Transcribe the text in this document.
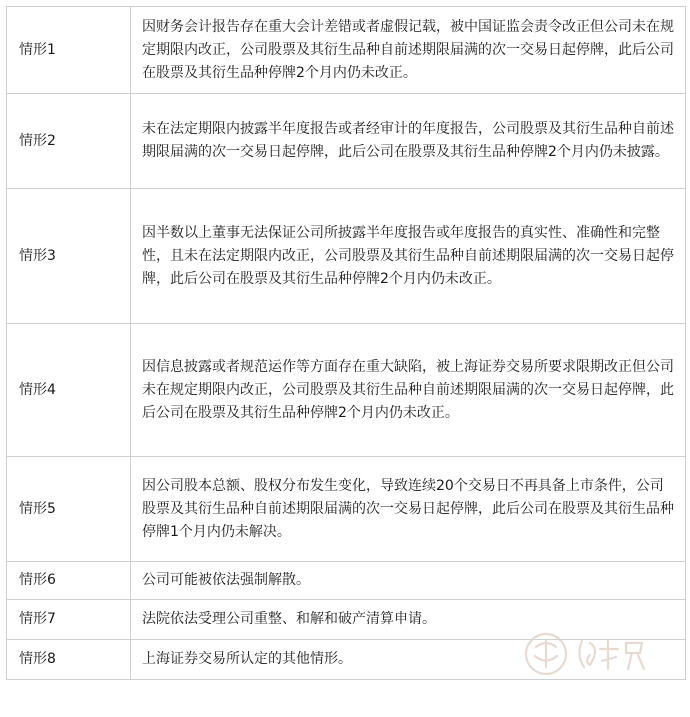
情形1	因财务会计报告存在重大会计差错或者虚假记载，被中国证监会责令改正但公司未在规定期限内改正，公司股票及其衍生品种自前述期限届满的次一交易日起停牌，此后公司在股票及其衍生品种停牌2个月内仍未改正。
情形2	未在法定期限内披露半年度报告或者经审计的年度报告，公司股票及其衍生品种自前述期限届满的次一交易日起停牌，此后公司在股票及其衍生品种停牌2个月内仍未披露。
情形3	因半数以上董事无法保证公司所披露半年度报告或年度报告的真实性、准确性和完整性，且未在法定期限内改正，公司股票及其衍生品种自前述期限届满的次一交易日起停牌，此后公司在股票及其衍生品种停牌2个月内仍未改正。
情形4	因信息披露或者规范运作等方面存在重大缺陷，被上海证券交易所要求限期改正但公司未在规定期限内改正，公司股票及其衍生品种自前述期限届满的次一交易日起停牌，此后公司在股票及其衍生品种停牌2个月内仍未改正。
情形5	因公司股本总额、股权分布发生变化，导致连续20个交易日不再具备上市条件，公司股票及其衍生品种自前述期限届满的次一交易日起停牌，此后公司在股票及其衍生品种停牌1个月内仍未解决。
情形6	公司可能被依法强制解散。
情形7	法院依法受理公司重整、和解和破产清算申请。
情形8	上海证券交易所认定的其他情形。
